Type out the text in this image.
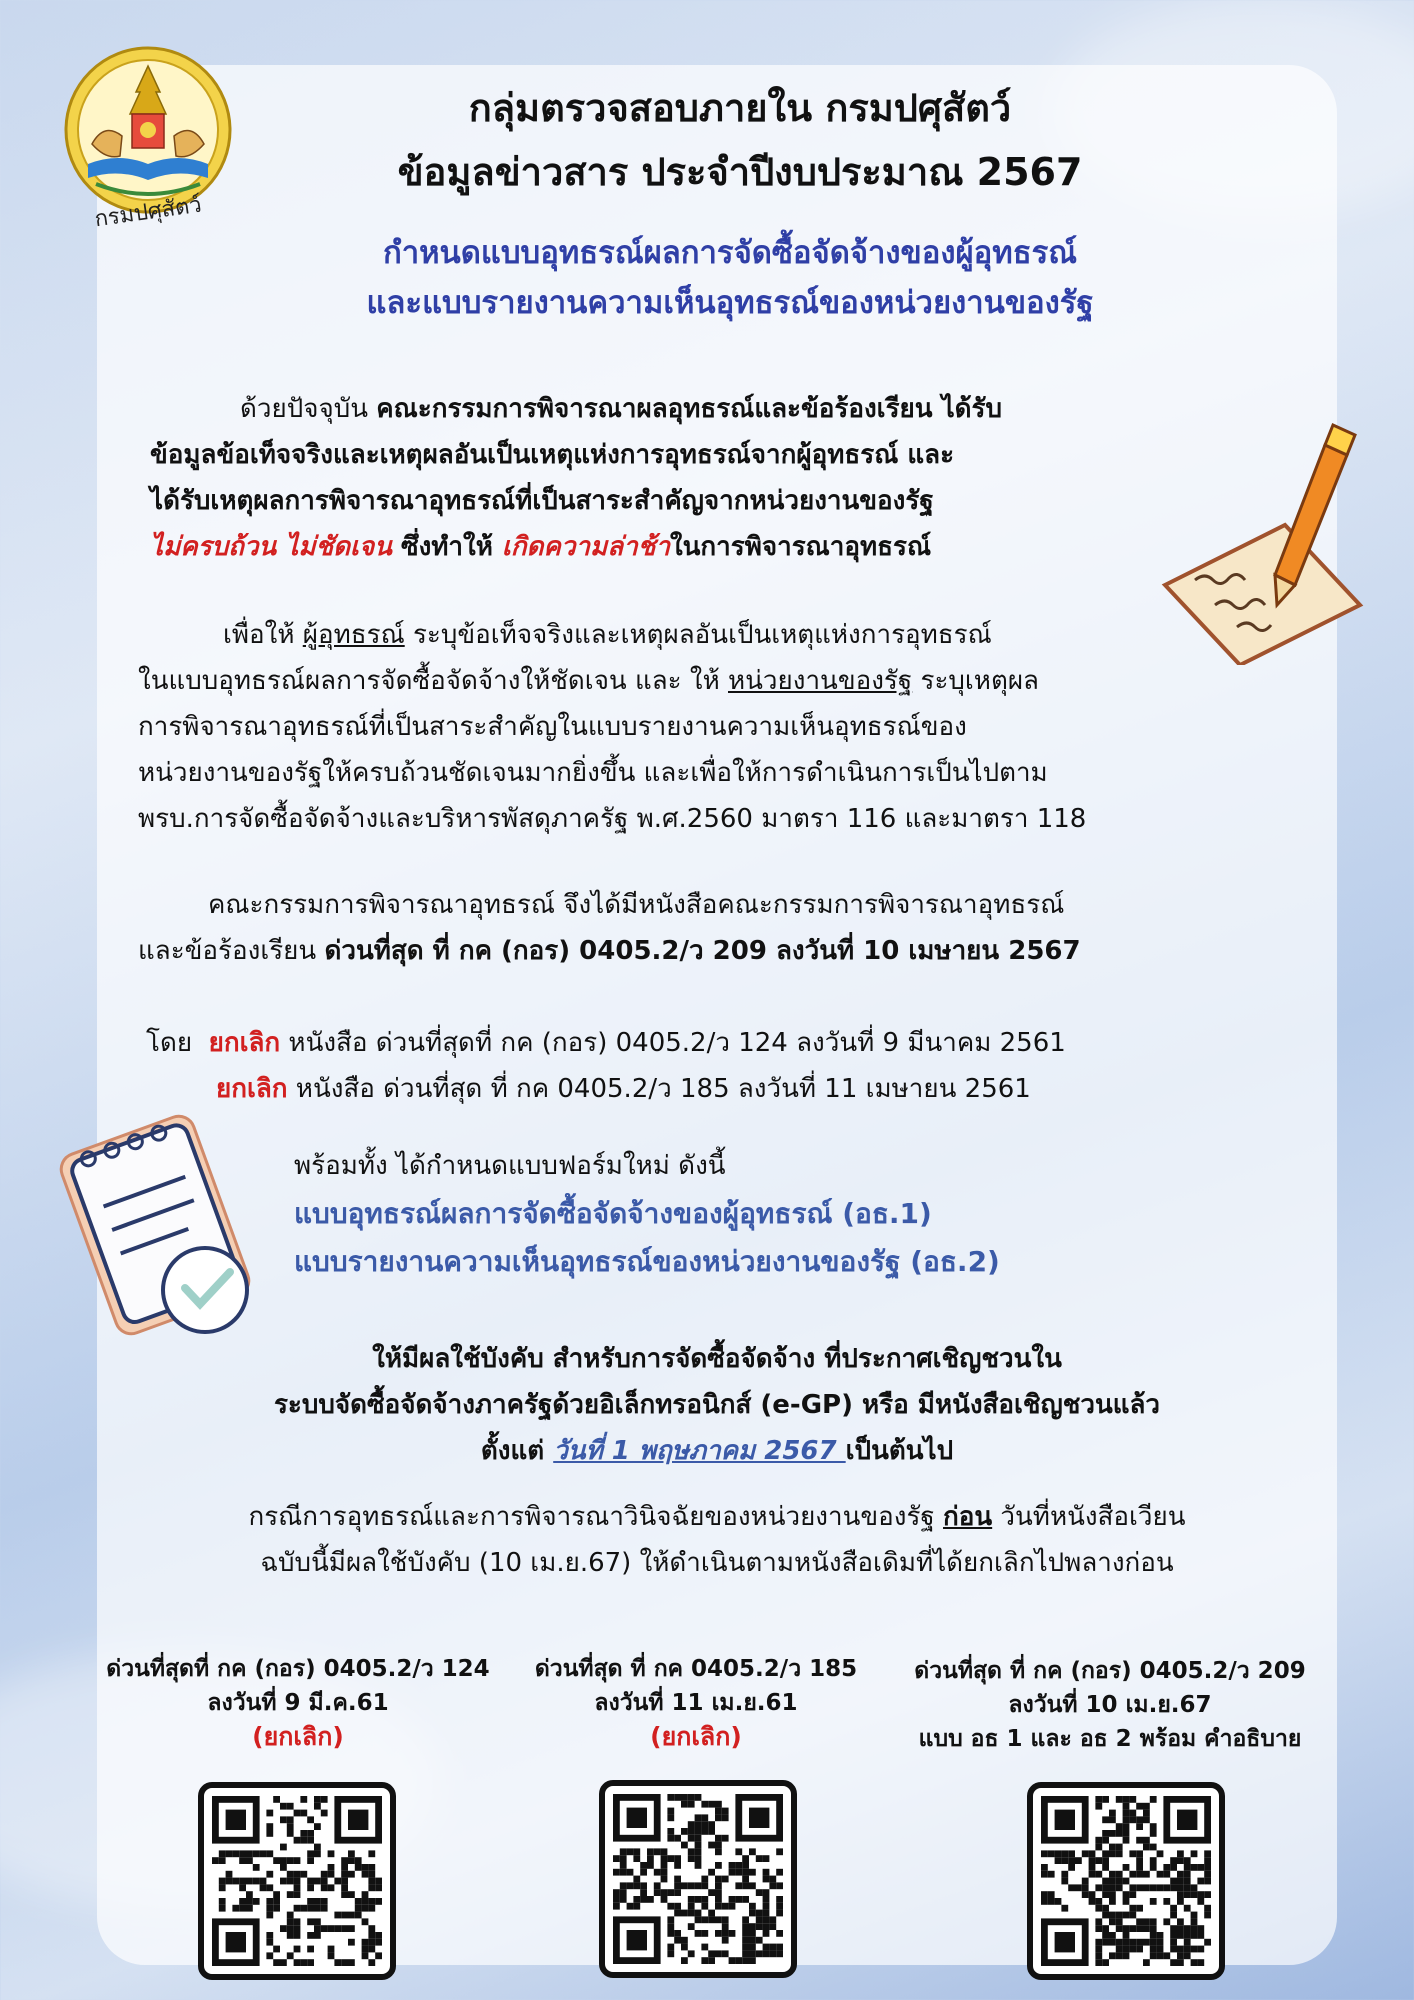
กรมปศุสัตว์
กลุ่มตรวจสอบภายใน กรมปศุสัตว์
ข้อมูลข่าวสาร ประจำปีงบประมาณ 2567
กำหนดแบบอุทธรณ์ผลการจัดซื้อจัดจ้างของผู้อุทธรณ์
และแบบรายงานความเห็นอุทธรณ์ของหน่วยงานของรัฐ
ด้วยปัจจุบัน คณะกรรมการพิจารณาผลอุทธรณ์และข้อร้องเรียน ได้รับ
ข้อมูลข้อเท็จจริงและเหตุผลอันเป็นเหตุแห่งการอุทธรณ์จากผู้อุทธรณ์ และ
ได้รับเหตุผลการพิจารณาอุทธรณ์ที่เป็นสาระสำคัญจากหน่วยงานของรัฐ
ไม่ครบถ้วน ไม่ชัดเจน ซึ่งทำให้ เกิดความล่าช้าในการพิจารณาอุทธรณ์
เพื่อให้ ผู้อุทธรณ์ ระบุข้อเท็จจริงและเหตุผลอันเป็นเหตุแห่งการอุทธรณ์
ในแบบอุทธรณ์ผลการจัดซื้อจัดจ้างให้ชัดเจน และ ให้ หน่วยงานของรัฐ ระบุเหตุผล
การพิจารณาอุทธรณ์ที่เป็นสาระสำคัญในแบบรายงานความเห็นอุทธรณ์ของ
หน่วยงานของรัฐให้ครบถ้วนชัดเจนมากยิ่งขึ้น และเพื่อให้การดำเนินการเป็นไปตาม
พรบ.การจัดซื้อจัดจ้างและบริหารพัสดุภาครัฐ พ.ศ.2560 มาตรา 116 และมาตรา 118
คณะกรรมการพิจารณาอุทธรณ์ จึงได้มีหนังสือคณะกรรมการพิจารณาอุทธรณ์
และข้อร้องเรียน ด่วนที่สุด ที่ กค (กอร) 0405.2/ว 209 ลงวันที่ 10 เมษายน 2567
โดย ยกเลิก หนังสือ ด่วนที่สุดที่ กค (กอร) 0405.2/ว 124 ลงวันที่ 9 มีนาคม 2561
ยกเลิก หนังสือ ด่วนที่สุด ที่ กค 0405.2/ว 185 ลงวันที่ 11 เมษายน 2561
พร้อมทั้ง ได้กำหนดแบบฟอร์มใหม่ ดังนี้
แบบอุทธรณ์ผลการจัดซื้อจัดจ้างของผู้อุทธรณ์ (อธ.1)
แบบรายงานความเห็นอุทธรณ์ของหน่วยงานของรัฐ (อธ.2)
ให้มีผลใช้บังคับ สำหรับการจัดซื้อจัดจ้าง ที่ประกาศเชิญชวนใน
ระบบจัดซื้อจัดจ้างภาครัฐด้วยอิเล็กทรอนิกส์ (e-GP) หรือ มีหนังสือเชิญชวนแล้ว
ตั้งแต่ วันที่ 1 พฤษภาคม 2567 เป็นต้นไป
กรณีการอุทธรณ์และการพิจารณาวินิจฉัยของหน่วยงานของรัฐ ก่อน วันที่หนังสือเวียน
ฉบับนี้มีผลใช้บังคับ (10 เม.ย.67) ให้ดำเนินตามหนังสือเดิมที่ได้ยกเลิกไปพลางก่อน
ด่วนที่สุดที่ กค (กอร) 0405.2/ว 124
ลงวันที่ 9 มี.ค.61
(ยกเลิก)
ด่วนที่สุด ที่ กค 0405.2/ว 185
ลงวันที่ 11 เม.ย.61
(ยกเลิก)
ด่วนที่สุด ที่ กค (กอร) 0405.2/ว 209
ลงวันที่ 10 เม.ย.67
แบบ อธ 1 และ อธ 2 พร้อม คำอธิบาย
